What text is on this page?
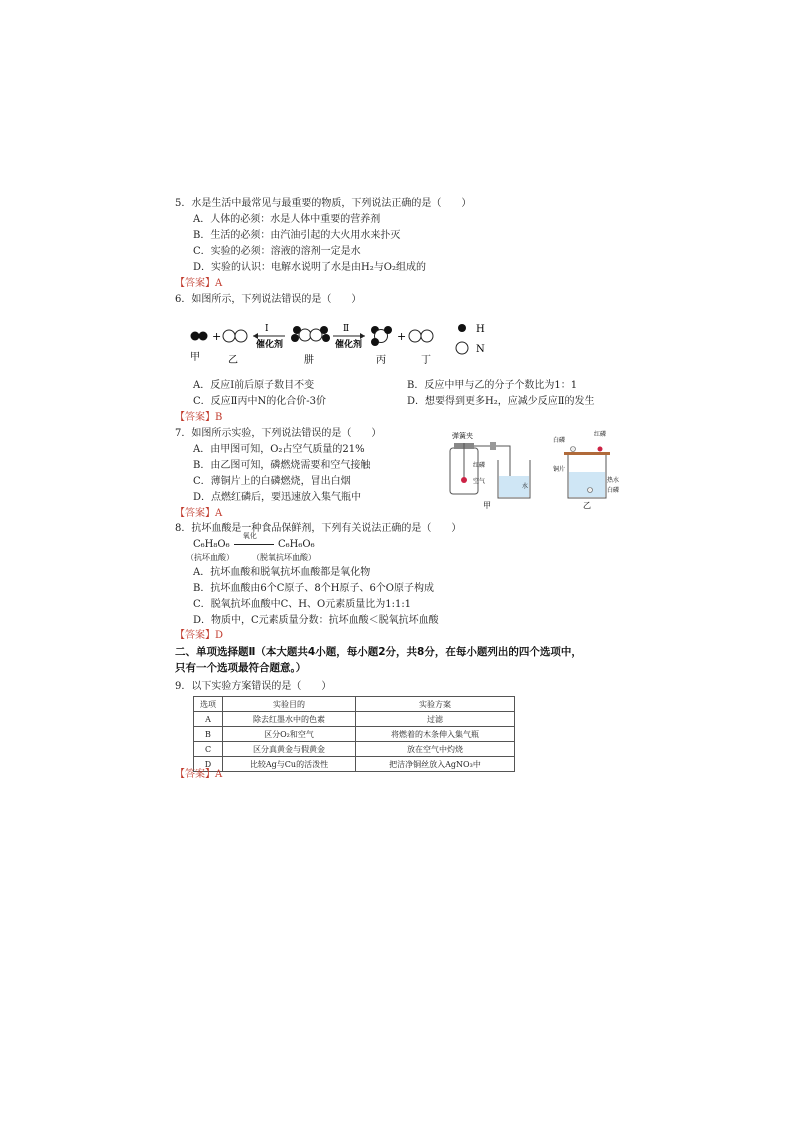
5．水是生活中最常见与最重要的物质，下列说法正确的是（　　）
A．人体的必须：水是人体中重要的营养剂
B．生活的必须：由汽油引起的大火用水来扑灭
C．实验的必须：溶液的溶剂一定是水
D．实验的认识：电解水说明了水是由H₂与O₂组成的
【答案】A
6．如图所示，下列说法错误的是（　　）
+
Ⅰ
催化剂
Ⅱ
催化剂
+
H
N
甲	乙	肼	丙	丁
A．反应Ⅰ前后原子数目不变	B．反应中甲与乙的分子个数比为1：1
C．反应Ⅱ丙中N的化合价-3价	D．想要得到更多H₂，应减少反应Ⅱ的发生
【答案】B
7．如图所示实验，下列说法错误的是（　　）
A．由甲图可知，O₂占空气质量的21%
B．由乙图可知，磷燃烧需要和空气接触
C．薄铜片上的白磷燃烧，冒出白烟
D．点燃红磷后，要迅速放入集气瓶中
【答案】A
弹簧夹
红磷
空气
水
甲
红磷
白磷
铜片
热水
白磷
乙
8．抗坏血酸是一种食品保鲜剂，下列有关说法正确的是（　　）
C₆H₈O₆
氧化
C₆H₆O₆
（抗坏血酸） （脱氧抗坏血酸）
A．抗坏血酸和脱氧抗坏血酸都是氧化物
B．抗坏血酸由6个C原子、8个H原子、6个O原子构成
C．脱氧抗坏血酸中C、H、O元素质量比为1:1:1
D．物质中，C元素质量分数：抗坏血酸＜脱氧抗坏血酸
【答案】D
二、单项选择题Ⅱ（本大题共4小题，每小题2分，共8分，在每小题列出的四个选项中，
只有一个选项最符合题意。）
9．以下实验方案错误的是（　　）
选项	实验目的	实验方案
A	除去红墨水中的色素	过滤
B	区分O₂和空气	将燃着的木条伸入集气瓶
C	区分真黄金与假黄金	放在空气中灼烧
D	比较Ag与Cu的活泼性	把洁净铜丝放入AgNO₃中
【答案】A
